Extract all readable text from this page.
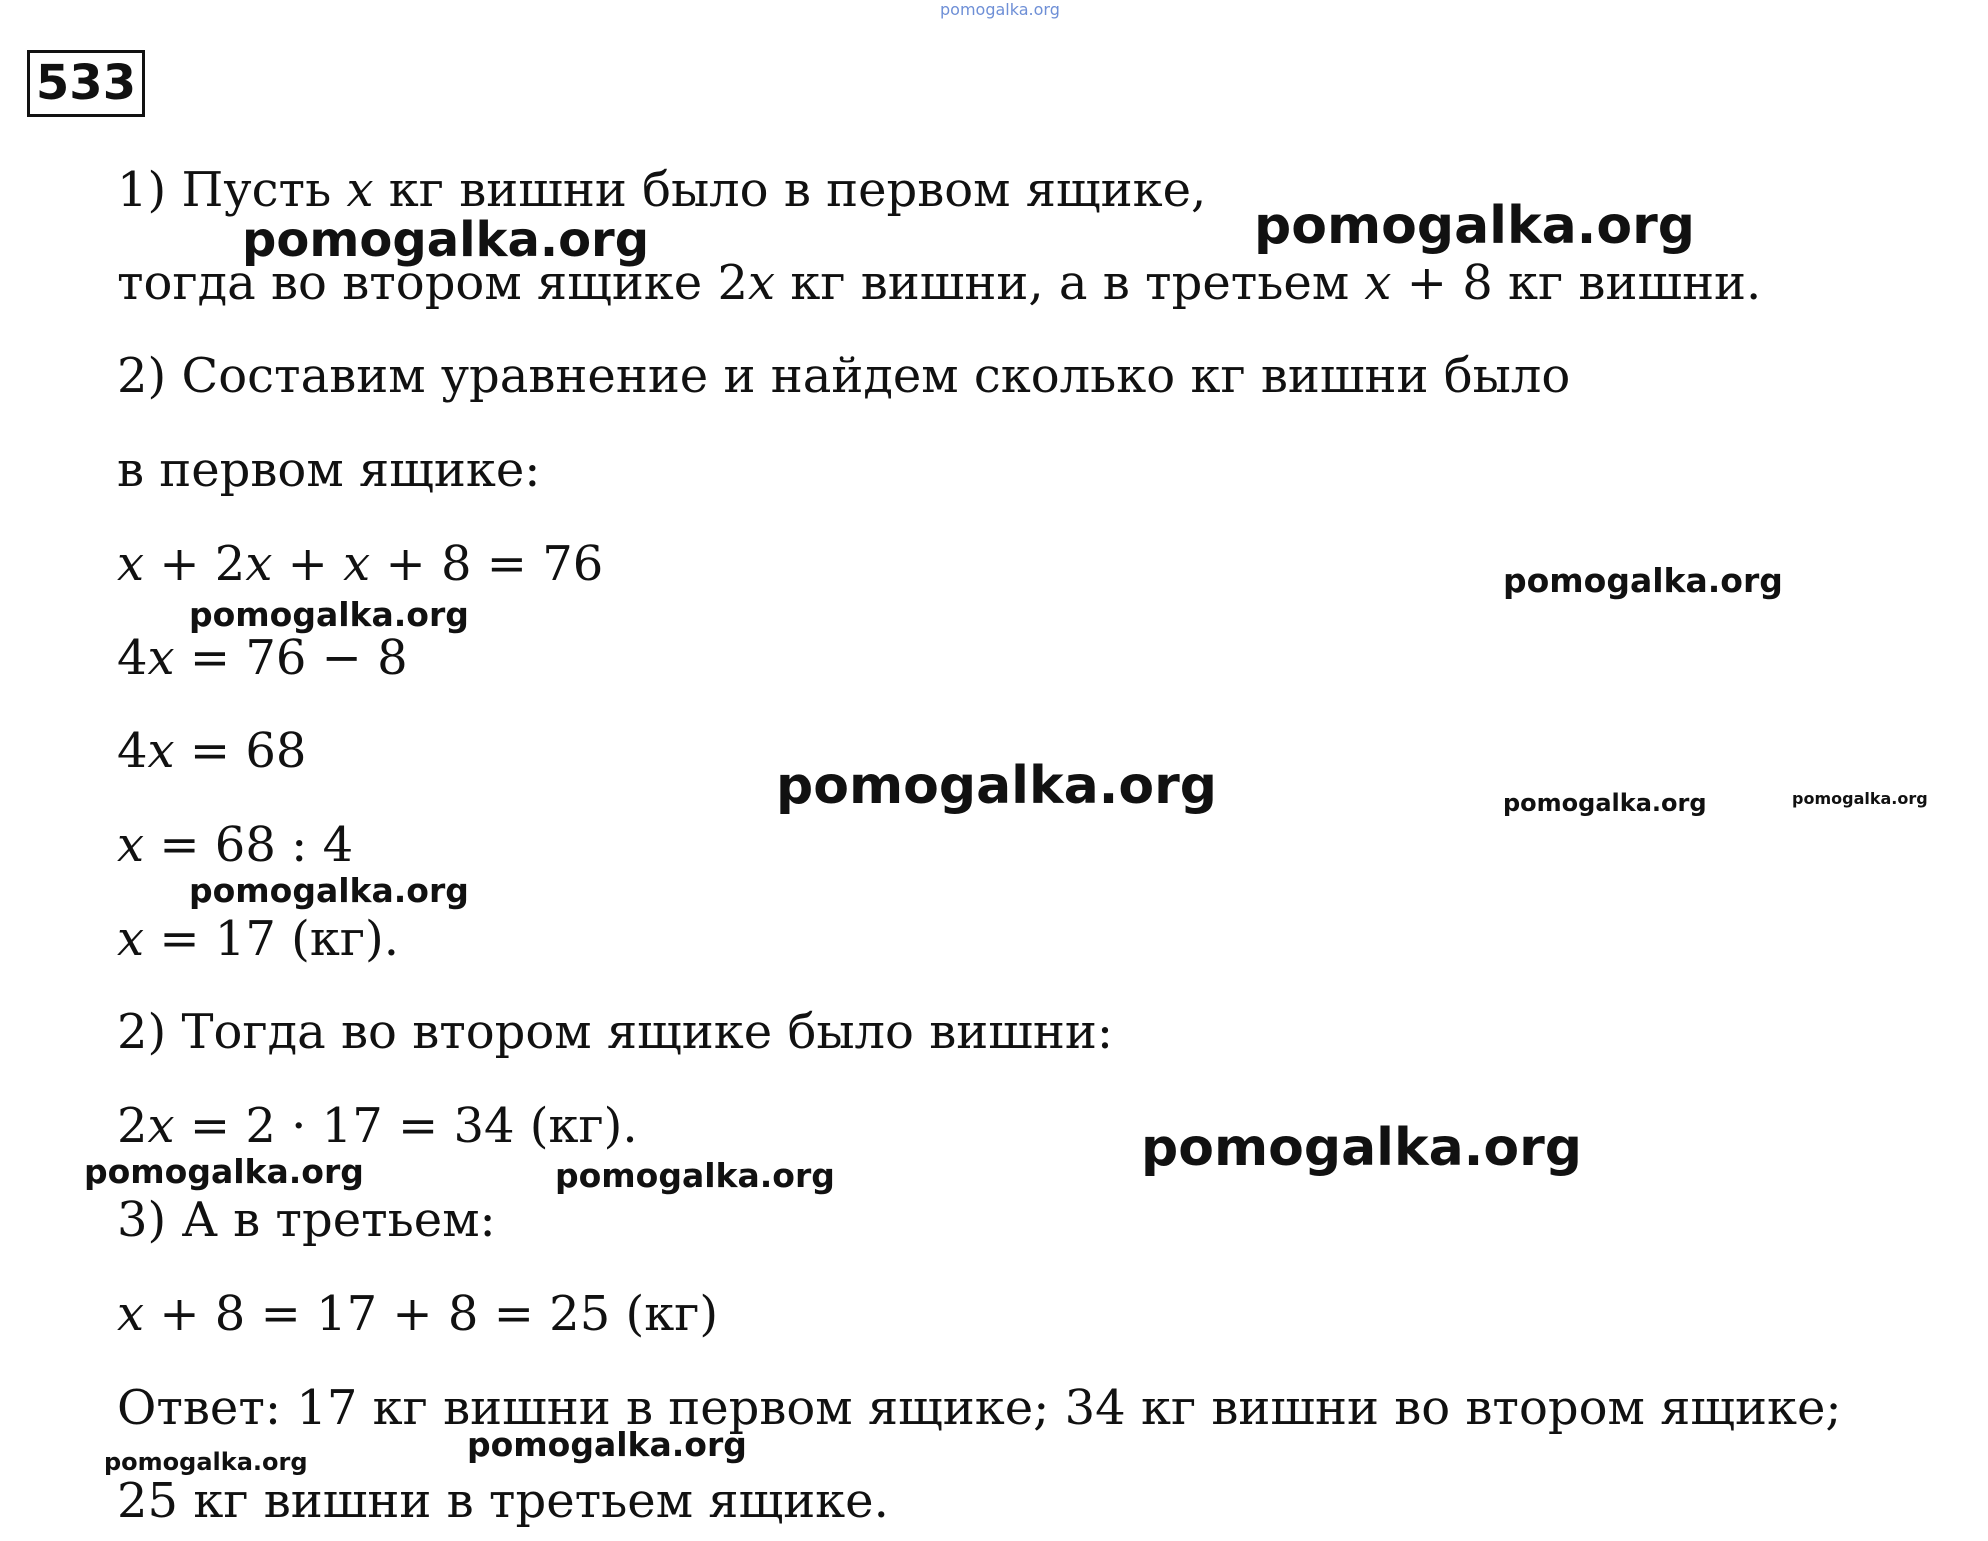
533
1) Пусть 𝑥 кг вишни было в первом ящике,
тогда во втором ящике 2𝑥 кг вишни, а в третьем 𝑥 + 8 кг вишни.
2) Составим уравнение и найдем сколько кг вишни было
в первом ящике:
𝑥 + 2𝑥 + 𝑥 + 8 = 76
4𝑥 = 76 − 8
4𝑥 = 68
𝑥 = 68 : 4
𝑥 = 17 (кг).
2) Тогда во втором ящике было вишни:
2𝑥 = 2 · 17 = 34 (кг).
3) А в третьем:
𝑥 + 8 = 17 + 8 = 25 (кг)
Ответ: 17 кг вишни в первом ящике; 34 кг вишни во втором ящике;
25 кг вишни в третьем ящике.
pomogalka.org
pomogalka.org	pomogalka.org
pomogalka.org
pomogalka.org
pomogalka.org	pomogalka.org	pomogalka.org
pomogalka.org
pomogalka.org
pomogalka.org	pomogalka.org
pomogalka.org
pomogalka.org
